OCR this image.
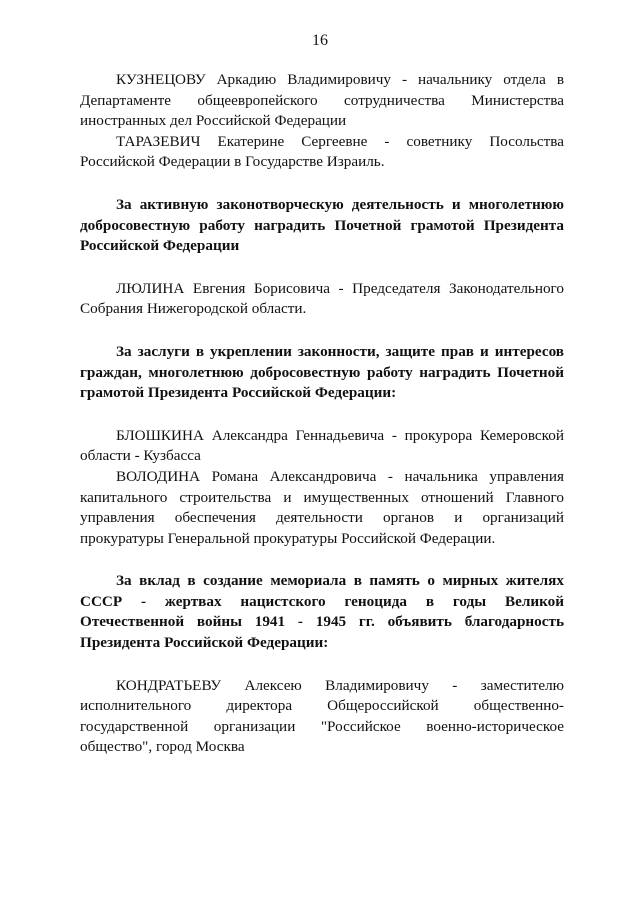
16

КУЗНЕЦОВУ Аркадию Владимировичу - начальнику отдела в Департаменте общеевропейского сотрудничества Министерства иностранных дел Российской Федерации

ТАРАЗЕВИЧ Екатерине Сергеевне - советнику Посольства Российской Федерации в Государстве Израиль.

За активную законотворческую деятельность и многолетнюю добросовестную работу наградить Почетной грамотой Президента Российской Федерации

ЛЮЛИНА Евгения Борисовича - Председателя Законодательного Собрания Нижегородской области.

За заслуги в укреплении законности, защите прав и интересов граждан, многолетнюю добросовестную работу наградить Почетной грамотой Президента Российской Федерации:

БЛОШКИНА Александра Геннадьевича - прокурора Кемеровской области - Кузбасса

ВОЛОДИНА Романа Александровича - начальника управления капитального строительства и имущественных отношений Главного управления обеспечения деятельности органов и организаций прокуратуры Генеральной прокуратуры Российской Федерации.

За вклад в создание мемориала в память о мирных жителях СССР - жертвах нацистского геноцида в годы Великой Отечественной войны 1941 - 1945 гг. объявить благодарность Президента Российской Федерации:

КОНДРАТЬЕВУ Алексею Владимировичу - заместителю исполнительного директора Общероссийской общественно-государственной организации "Российское военно-историческое общество", город Москва
